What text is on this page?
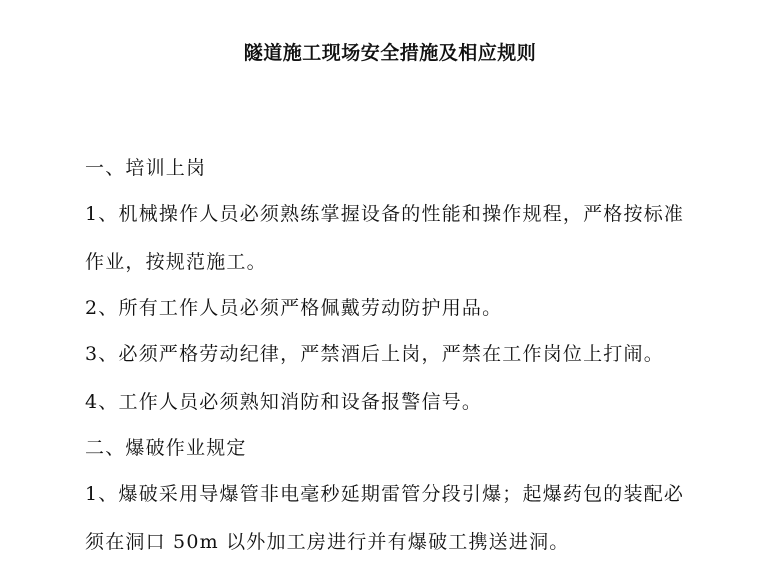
隧道施工现场安全措施及相应规则
一、培训上岗
1、机械操作人员必须熟练掌握设备的性能和操作规程，严格按标准
作业，按规范施工。
2、所有工作人员必须严格佩戴劳动防护用品。
3、必须严格劳动纪律，严禁酒后上岗，严禁在工作岗位上打闹。
4、工作人员必须熟知消防和设备报警信号。
二、爆破作业规定
1、爆破采用导爆管非电毫秒延期雷管分段引爆；起爆药包的装配必
须在洞口 50m 以外加工房进行并有爆破工携送进洞。
